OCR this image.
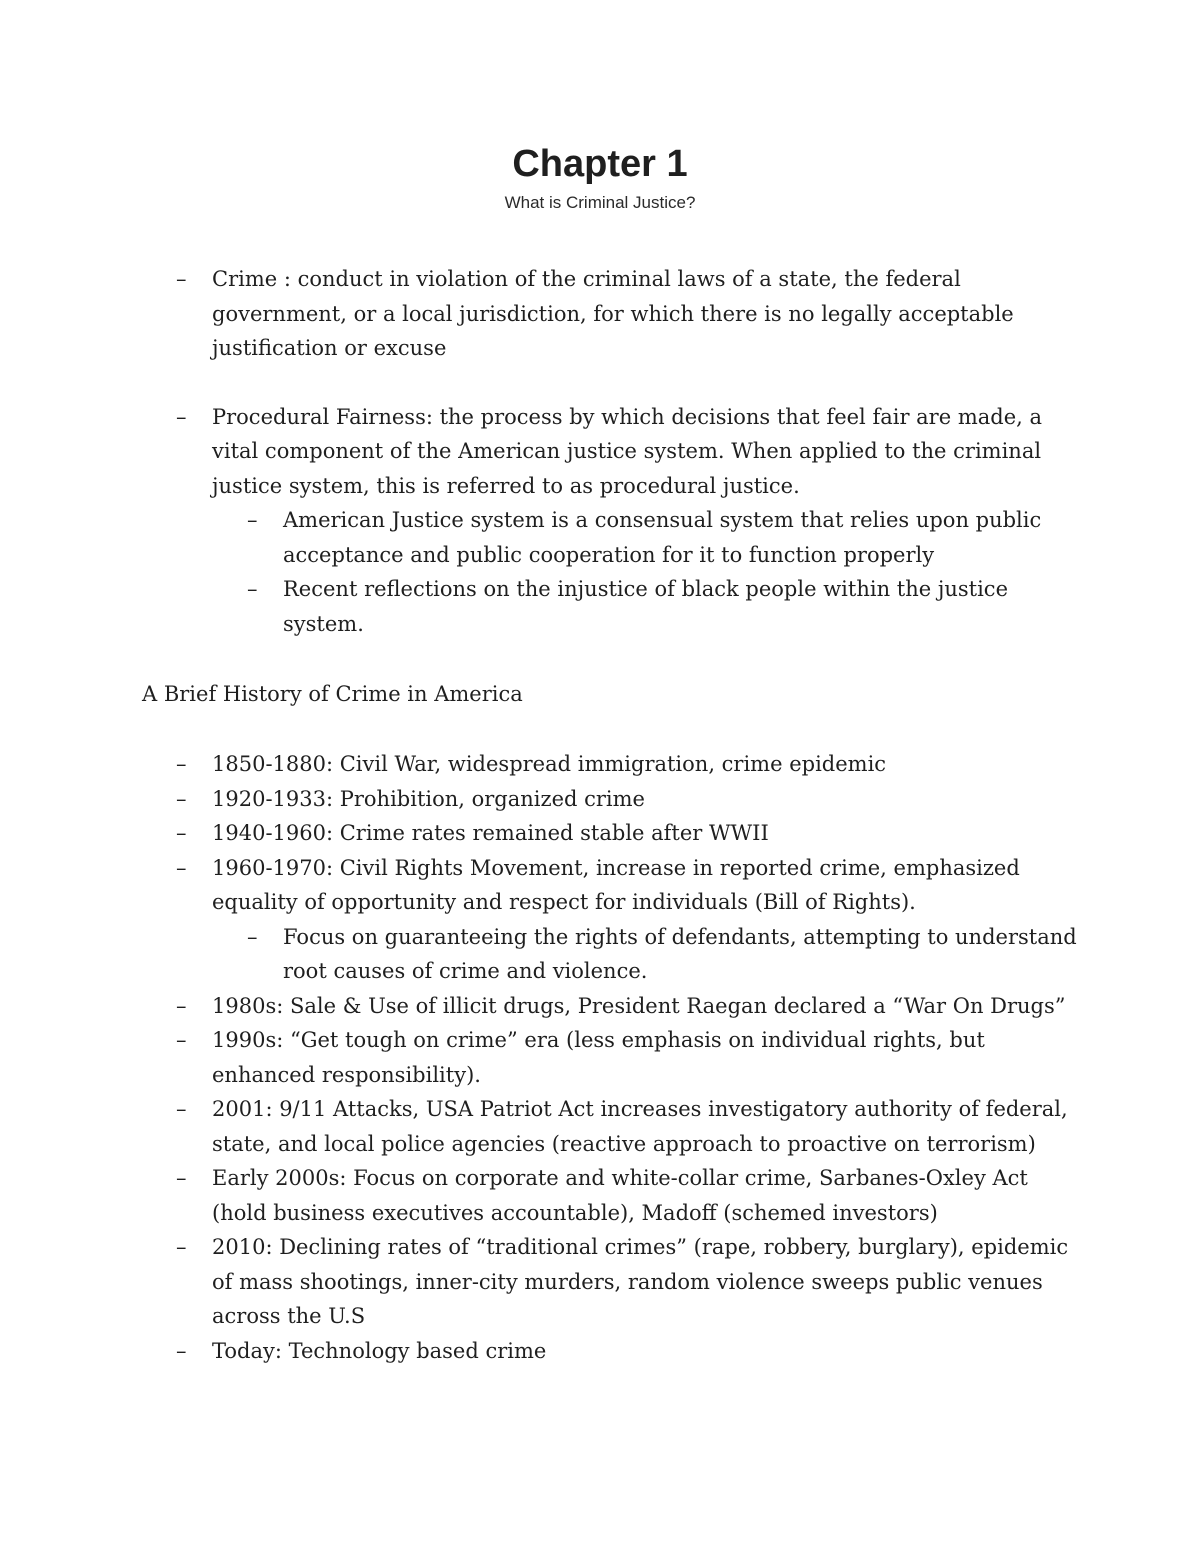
Chapter 1

What is Criminal Justice?

– Crime : conduct in violation of the criminal laws of a state, the federal government, or a local jurisdiction, for which there is no legally acceptable justification or excuse
– Procedural Fairness: the process by which decisions that feel fair are made, a vital component of the American justice system. When applied to the criminal justice system, this is referred to as procedural justice.
– American Justice system is a consensual system that relies upon public acceptance and public cooperation for it to function properly
– Recent reflections on the injustice of black people within the justice system.

A Brief History of Crime in America

– 1850-1880: Civil War, widespread immigration, crime epidemic
– 1920-1933: Prohibition, organized crime
– 1940-1960: Crime rates remained stable after WWII
– 1960-1970: Civil Rights Movement, increase in reported crime, emphasized equality of opportunity and respect for individuals (Bill of Rights).
– Focus on guaranteeing the rights of defendants, attempting to understand root causes of crime and violence.
– 1980s: Sale & Use of illicit drugs, President Raegan declared a “War On Drugs”
– 1990s: “Get tough on crime” era (less emphasis on individual rights, but enhanced responsibility).
– 2001: 9/11 Attacks, USA Patriot Act increases investigatory authority of federal, state, and local police agencies (reactive approach to proactive on terrorism)
– Early 2000s: Focus on corporate and white-collar crime, Sarbanes-Oxley Act (hold business executives accountable), Madoff (schemed investors)
– 2010: Declining rates of “traditional crimes” (rape, robbery, burglary), epidemic of mass shootings, inner-city murders, random violence sweeps public venues across the U.S
– Today: Technology based crime
